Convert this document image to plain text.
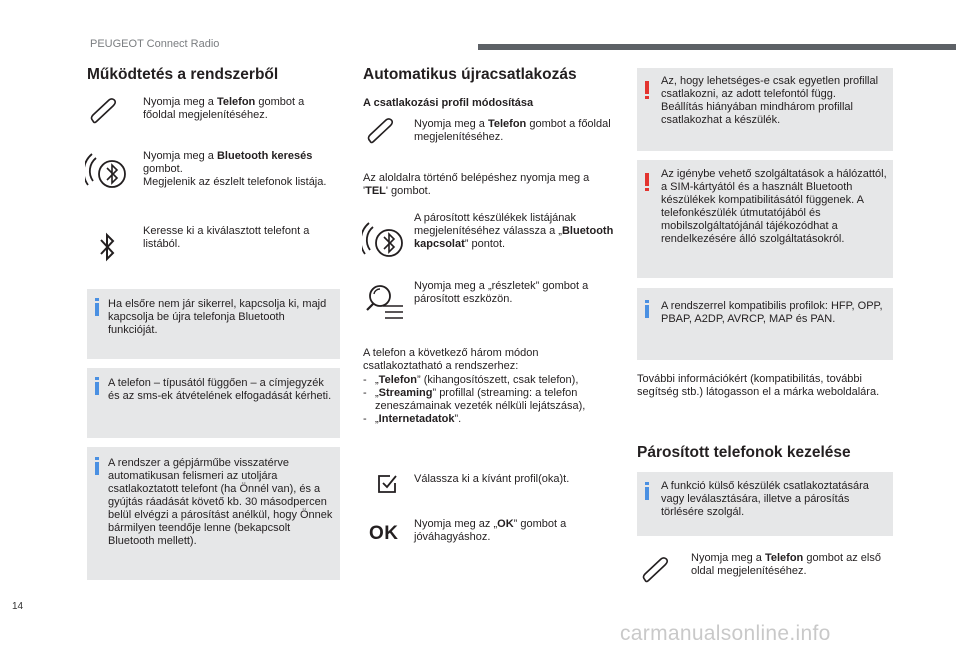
PEUGEOT Connect Radio
Működtetés a rendszerből
Nyomja meg a Telefon gombot a főoldal megjelenítéséhez.
Nyomja meg a Bluetooth keresés gombot.
Megjelenik az észlelt telefonok listája.
Keresse ki a kiválasztott telefont a listából.
Ha elsőre nem jár sikerrel, kapcsolja ki, majd kapcsolja be újra telefonja Bluetooth funkcióját.
A telefon – típusától függően – a címjegyzék és az sms-ek átvételének elfogadását kérheti.
A rendszer a gépjárműbe visszatérve automatikusan felismeri az utoljára csatlakoztatott telefont (ha Önnél van), és a gyújtás ráadását követő kb. 30 másodpercen belül elvégzi a párosítást anélkül, hogy Önnek bármilyen teendője lenne (bekapcsolt Bluetooth mellett).
Automatikus újracsatlakozás
A csatlakozási profil módosítása
Nyomja meg a Telefon gombot a főoldal megjelenítéséhez.
Az aloldalra történő belépéshez nyomja meg a 'TEL' gombot.
A párosított készülékek listájának megjelenítéséhez válassza a „Bluetooth kapcsolat” pontot.
Nyomja meg a „részletek” gombot a párosított eszközön.
A telefon a következő három módon csatlakoztatható a rendszerhez:
- „Telefon” (kihangosítószett, csak telefon),
- „Streaming” profillal (streaming: a telefon zeneszámainak vezeték nélküli lejátszása),
- „Internetadatok”.
Válassza ki a kívánt profil(oka)t.
OK Nyomja meg az „OK” gombot a jóváhagyáshoz.
Az, hogy lehetséges-e csak egyetlen profillal csatlakozni, az adott telefontól függ.
Beállítás hiányában mindhárom profillal csatlakozhat a készülék.
Az igénybe vehető szolgáltatások a hálózattól, a SIM-kártyától és a használt Bluetooth készülékek kompatibilitásától függenek. A telefonkészülék útmutatójából és mobilszolgáltatójánál tájékozódhat a rendelkezésére álló szolgáltatásokról.
A rendszerrel kompatibilis profilok: HFP, OPP, PBAP, A2DP, AVRCP, MAP és PAN.
További információkért (kompatibilitás, további segítség stb.) látogasson el a márka weboldalára.
Párosított telefonok kezelése
A funkció külső készülék csatlakoztatására vagy leválasztására, illetve a párosítás törlésére szolgál.
Nyomja meg a Telefon gombot az első oldal megjelenítéséhez.
14
carmanualsonline.info
